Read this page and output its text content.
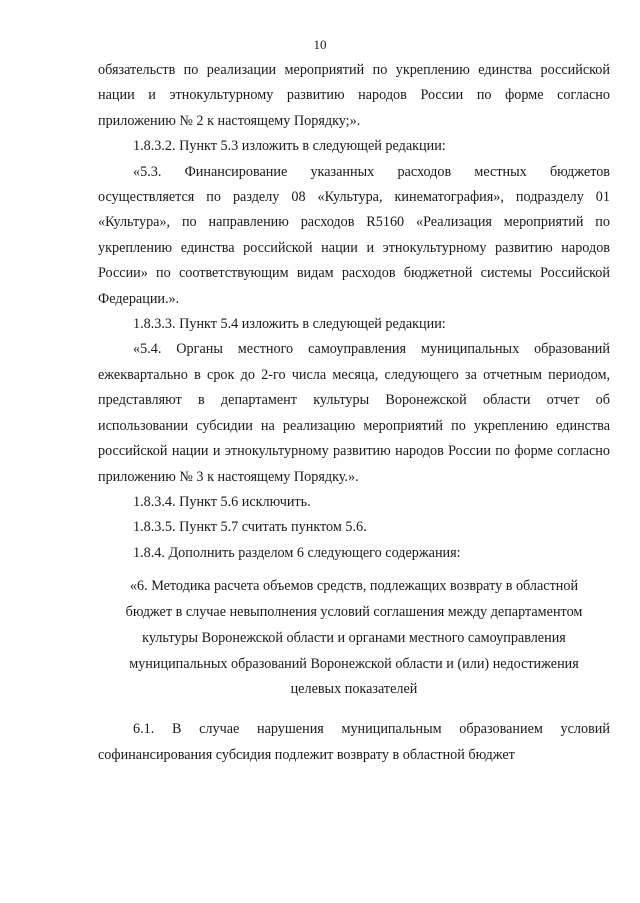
10

обязательств по реализации мероприятий по укреплению единства российской нации и этнокультурному развитию народов России по форме согласно приложению № 2 к настоящему Порядку;».

1.8.3.2. Пункт 5.3 изложить в следующей редакции:

«5.3. Финансирование указанных расходов местных бюджетов осуществляется по разделу 08 «Культура, кинематография», подразделу 01 «Культура», по направлению расходов R5160 «Реализация мероприятий по укреплению единства российской нации и этнокультурному развитию народов России» по соответствующим видам расходов бюджетной системы Российской Федерации.».

1.8.3.3. Пункт 5.4 изложить в следующей редакции:

«5.4. Органы местного самоуправления муниципальных образований ежеквартально в срок до 2-го числа месяца, следующего за отчетным периодом, представляют в департамент культуры Воронежской области отчет об использовании субсидии на реализацию мероприятий по укреплению единства российской нации и этнокультурному развитию народов России по форме согласно приложению № 3 к настоящему Порядку.».

1.8.3.4. Пункт 5.6 исключить.

1.8.3.5. Пункт 5.7 считать пунктом 5.6.

1.8.4. Дополнить разделом 6 следующего содержания:

«6. Методика расчета объемов средств, подлежащих возврату в областной
бюджет в случае невыполнения условий соглашения между департаментом
культуры Воронежской области и органами местного самоуправления
муниципальных образований Воронежской области и (или) недостижения
целевых показателей

6.1. В случае нарушения муниципальным образованием условий софинансирования субсидия подлежит возврату в областной бюджет
